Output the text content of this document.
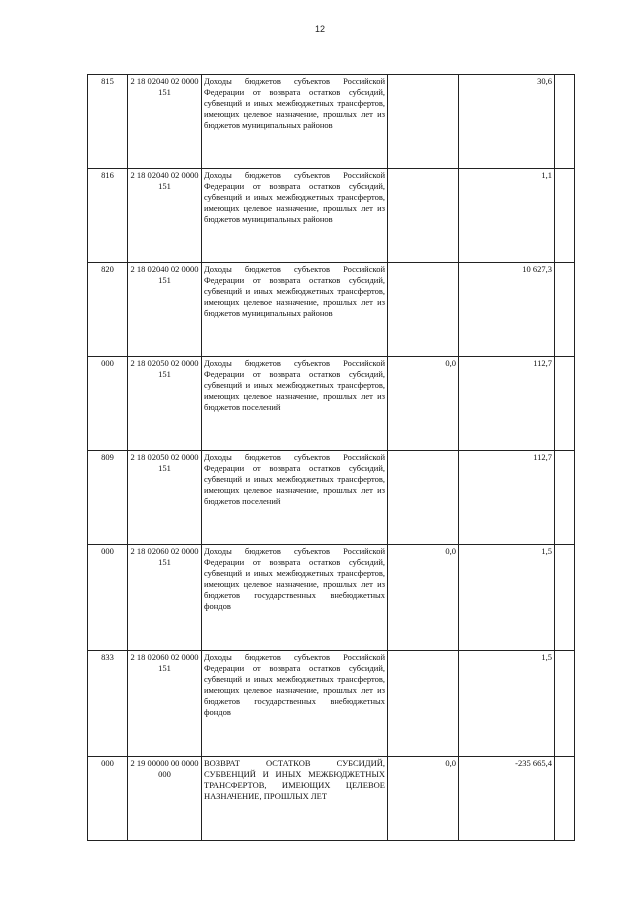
12
815	2 18 02040 02 0000 151	Доходы бюджетов субъектов Российской Федерации от возврата остатков субсидий, субвенций и иных межбюджетных трансфертов, имеющих целевое назначение, прошлых лет из бюджетов муниципальных районов		30,6	
816	2 18 02040 02 0000 151	Доходы бюджетов субъектов Российской Федерации от возврата остатков субсидий, субвенций и иных межбюджетных трансфертов, имеющих целевое назначение, прошлых лет из бюджетов муниципальных районов		1,1	
820	2 18 02040 02 0000 151	Доходы бюджетов субъектов Российской Федерации от возврата остатков субсидий, субвенций и иных межбюджетных трансфертов, имеющих целевое назначение, прошлых лет из бюджетов муниципальных районов		10 627,3	
000	2 18 02050 02 0000 151	Доходы бюджетов субъектов Российской Федерации от возврата остатков субсидий, субвенций и иных межбюджетных трансфертов, имеющих целевое назначение, прошлых лет из бюджетов поселений	0,0	112,7	
809	2 18 02050 02 0000 151	Доходы бюджетов субъектов Российской Федерации от возврата остатков субсидий, субвенций и иных межбюджетных трансфертов, имеющих целевое назначение, прошлых лет из бюджетов поселений		112,7	
000	2 18 02060 02 0000 151	Доходы бюджетов субъектов Российской Федерации от возврата остатков субсидий, субвенций и иных межбюджетных трансфертов, имеющих целевое назначение, прошлых лет из бюджетов государственных внебюджетных фондов	0,0	1,5	
833	2 18 02060 02 0000 151	Доходы бюджетов субъектов Российской Федерации от возврата остатков субсидий, субвенций и иных межбюджетных трансфертов, имеющих целевое назначение, прошлых лет из бюджетов государственных внебюджетных фондов		1,5	
000	2 19 00000 00 0000 000	ВОЗВРАТ ОСТАТКОВ СУБСИДИЙ, СУБВЕНЦИЙ И ИНЫХ МЕЖБЮДЖЕТНЫХ ТРАНСФЕРТОВ, ИМЕЮЩИХ ЦЕЛЕВОЕ НАЗНАЧЕНИЕ, ПРОШЛЫХ ЛЕТ	0,0	-235 665,4	
